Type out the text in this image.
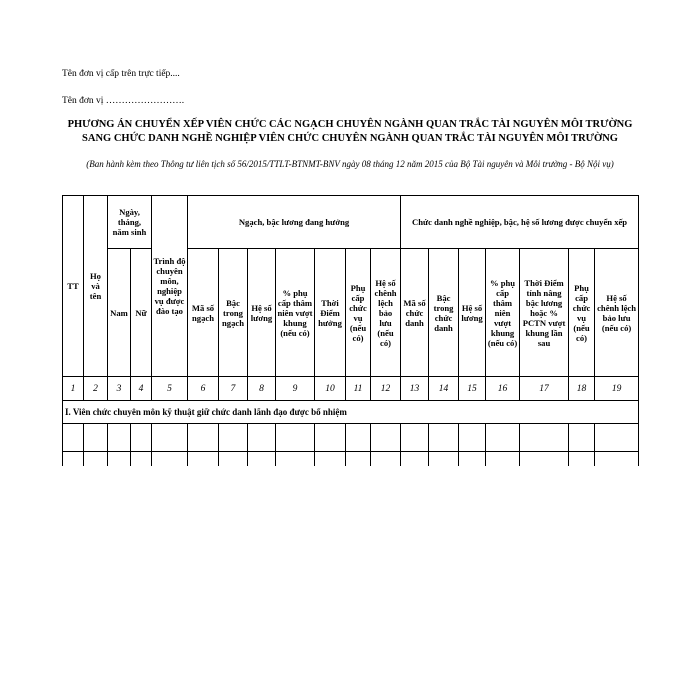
Tên đơn vị cấp trên trực tiếp....
Tên đơn vị …………………….
PHƯƠNG ÁN CHUYỂN XẾP VIÊN CHỨC CÁC NGẠCH CHUYÊN NGÀNH QUAN TRẮC TÀI NGUYÊN MÔI TRƯỜNG
SANG CHỨC DANH NGHỀ NGHIỆP VIÊN CHỨC CHUYÊN NGÀNH QUAN TRẮC TÀI NGUYÊN MÔI TRƯỜNG
(Ban hành kèm theo Thông tư liên tịch số 56/2015/TTLT-BTNMT-BNV ngày 08 tháng 12 năm 2015 của Bộ Tài nguyên và Môi trường - Bộ Nội vụ)
TT	Họ và tên	Ngày, tháng, năm sinh		Trình độ chuyên môn, nghiệp vụ được đào tạo	Ngạch, bậc lương đang hưởng							Chức danh nghề nghiệp, bậc, hệ số lương được chuyển xếp						
		Nam	Nữ		Mã số ngạch	Bậc trong ngạch	Hệ số lương	% phụ cấp thâm niên vượt khung (nếu có)	Thời Điểm hưởng	Phụ cấp chức vụ (nếu có)	Hệ số chênh lệch bảo lưu (nếu có)	Mã số chức danh	Bậc trong chức danh	Hệ số lương	% phụ cấp thâm niên vượt khung (nếu có)	Thời Điểm tính nâng bậc lương hoặc % PCTN vượt khung lần sau	Phụ cấp chức vụ (nếu có)	Hệ số chênh lệch bảo lưu (nếu có)
1	2	3	4	5	6	7	8	9	10	11	12	13	14	15	16	17	18	19
I. Viên chức chuyên môn kỹ thuật giữ chức danh lãnh đạo được bổ nhiệm																		
